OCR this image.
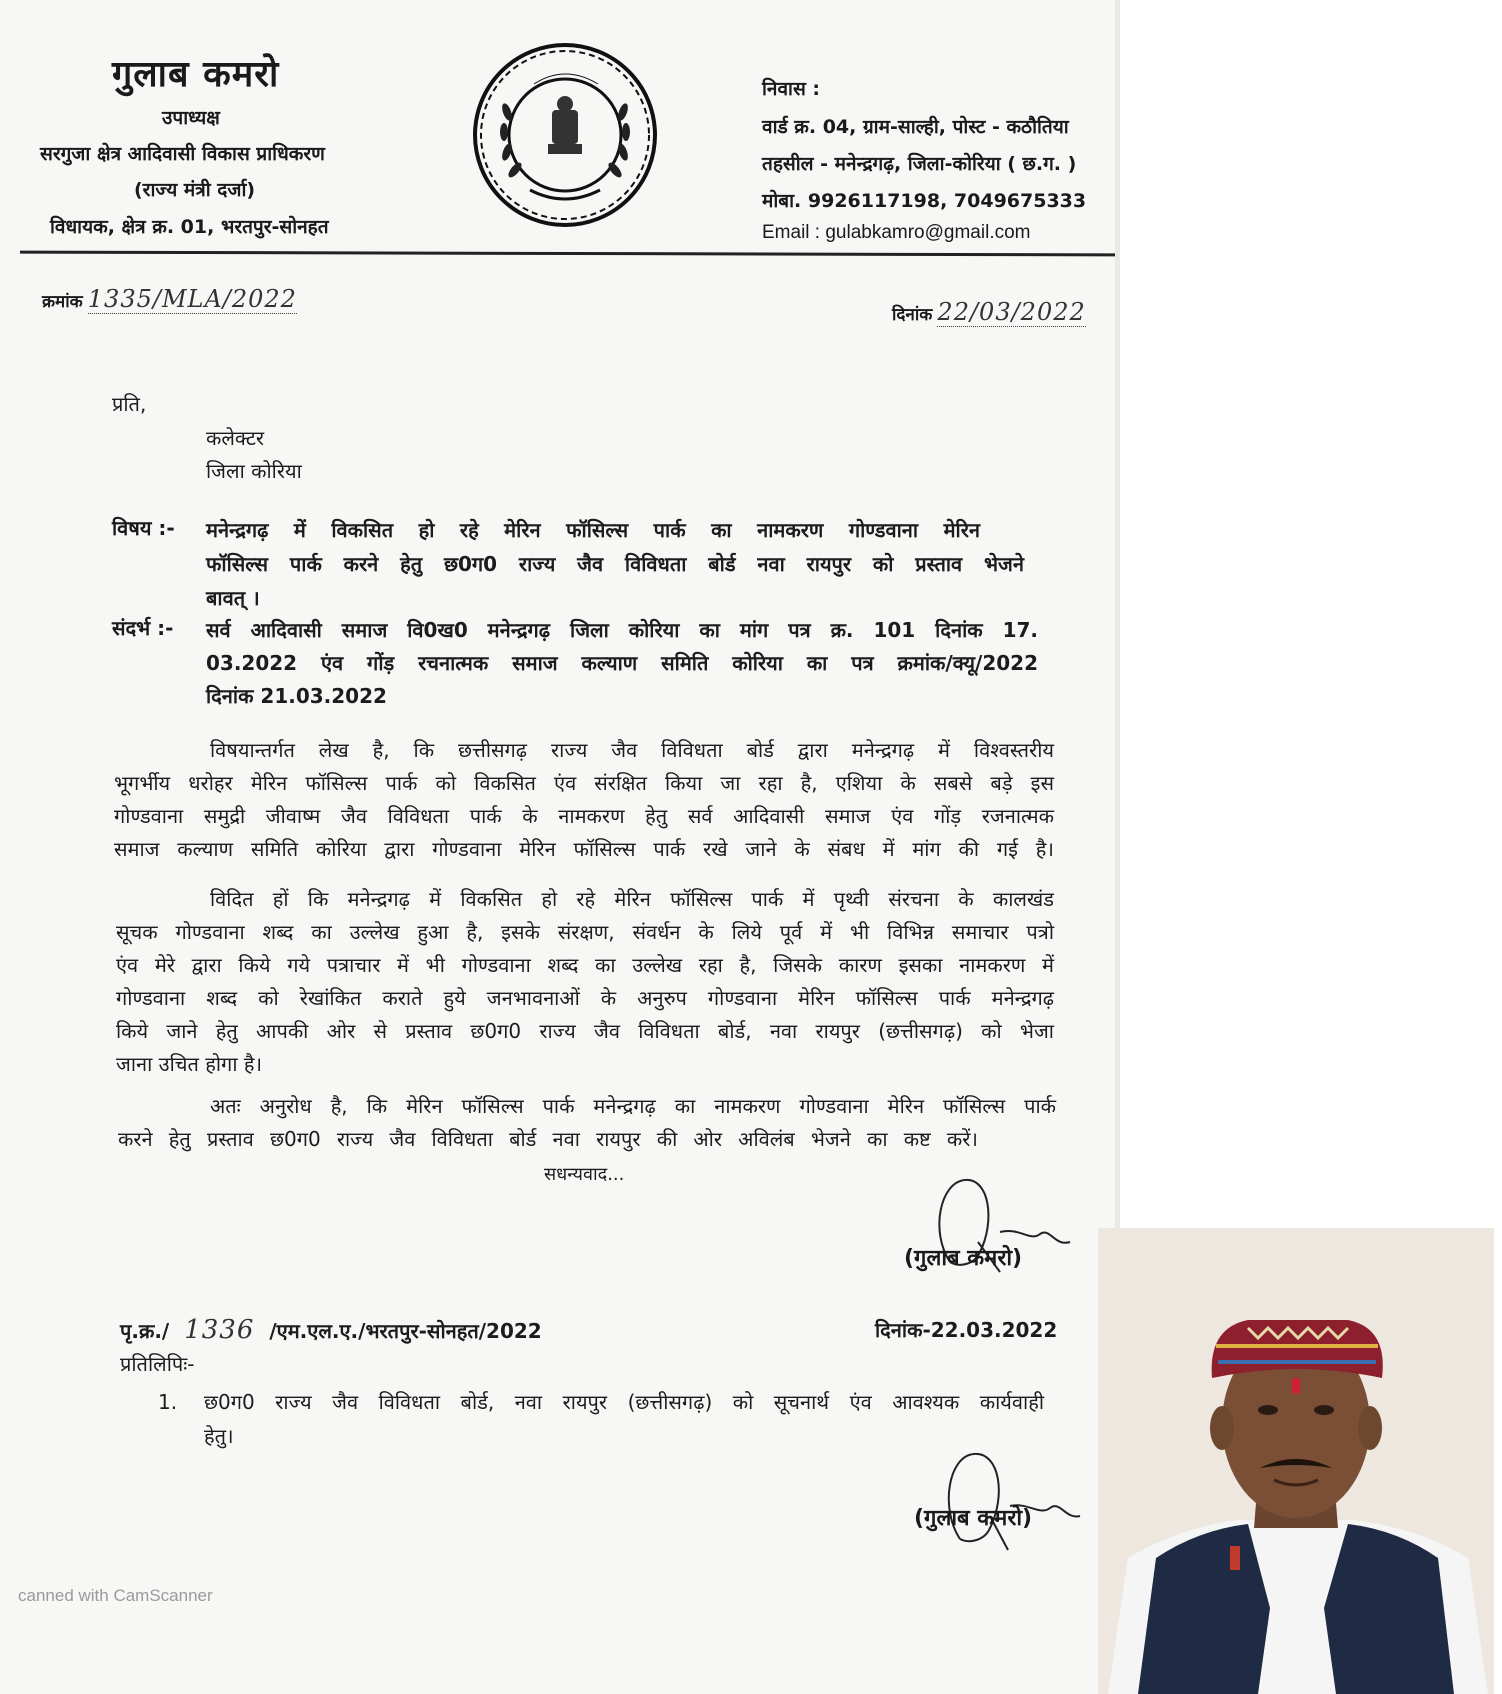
गुलाब कमरो
उपाध्यक्ष
सरगुजा क्षेत्र आदिवासी विकास प्राधिकरण
(राज्य मंत्री दर्जा)
विधायक, क्षेत्र क्र. 01, भरतपुर-सोनहत
निवास :
वार्ड क्र. 04, ग्राम-साल्ही, पोस्ट - कठौतिया
तहसील - मनेन्द्रगढ़, जिला-कोरिया ( छ.ग. )
मोबा. 9926117198, 7049675333
Email : gulabkamro@gmail.com
क्रमांक 1335/MLA/2022
दिनांक 22/03/2022
प्रति,
कलेक्टर
जिला कोरिया
विषय :- मनेन्द्रगढ़ में विकसित हो रहे मेरिन फॉसिल्स पार्क का नामकरण गोण्डवाना मेरिन
फॉसिल्स पार्क करने हेतु छ0ग0 राज्य जैव विविधता बोर्ड नवा रायपुर को प्रस्ताव भेजने
बावत् ।
संदर्भ :- सर्व आदिवासी समाज वि0ख0 मनेन्द्रगढ़ जिला कोरिया का मांग पत्र क्र. 101 दिनांक 17.
03.2022 एंव गोंड़ रचनात्मक समाज कल्याण समिति कोरिया का पत्र क्रमांक/क्यू/2022
दिनांक 21.03.2022
विषयान्तर्गत लेख है, कि छत्तीसगढ़ राज्य जैव विविधता बोर्ड द्वारा मनेन्द्रगढ़ में विश्वस्तरीय
भूगर्भीय धरोहर मेरिन फॉसिल्स पार्क को विकसित एंव संरक्षित किया जा रहा है, एशिया के सबसे बड़े इस
गोण्डवाना समुद्री जीवाष्म जैव विविधता पार्क के नामकरण हेतु सर्व आदिवासी समाज एंव गोंड़ रजनात्मक
समाज कल्याण समिति कोरिया द्वारा गोण्डवाना मेरिन फॉसिल्स पार्क रखे जाने के संबध में मांग की गई है।
विदित हों कि मनेन्द्रगढ़ में विकसित हो रहे मेरिन फॉसिल्स पार्क में पृथ्वी संरचना के कालखंड
सूचक गोण्डवाना शब्द का उल्लेख हुआ है, इसके संरक्षण, संवर्धन के लिये पूर्व में भी विभिन्न समाचार पत्रो
एंव मेरे द्वारा किये गये पत्राचार में भी गोण्डवाना शब्द का उल्लेख रहा है, जिसके कारण इसका नामकरण में
गोण्डवाना शब्द को रेखांकित कराते हुये जनभावनाओं के अनुरुप गोण्डवाना मेरिन फॉसिल्स पार्क मनेन्द्रगढ़
किये जाने हेतु आपकी ओर से प्रस्ताव छ0ग0 राज्य जैव विविधता बोर्ड, नवा रायपुर (छत्तीसगढ़) को भेजा
जाना उचित होगा है।
अतः अनुरोध है, कि मेरिन फॉसिल्स पार्क मनेन्द्रगढ़ का नामकरण गोण्डवाना मेरिन फॉसिल्स पार्क
करने हेतु प्रस्ताव छ0ग0 राज्य जैव विविधता बोर्ड नवा रायपुर की ओर अविलंब भेजने का कष्ट करें।
सधन्यवाद...
(गुलाब कमरो)
पृ.क्र./ 1336 /एम.एल.ए./भरतपुर-सोनहत/2022	दिनांक-22.03.2022
प्रतिलिपिः-
1. छ0ग0 राज्य जैव विविधता बोर्ड, नवा रायपुर (छत्तीसगढ़) को सूचनार्थ एंव आवश्यक कार्यवाही
हेतु।
(गुलाब कमरो)
canned with CamScanner
